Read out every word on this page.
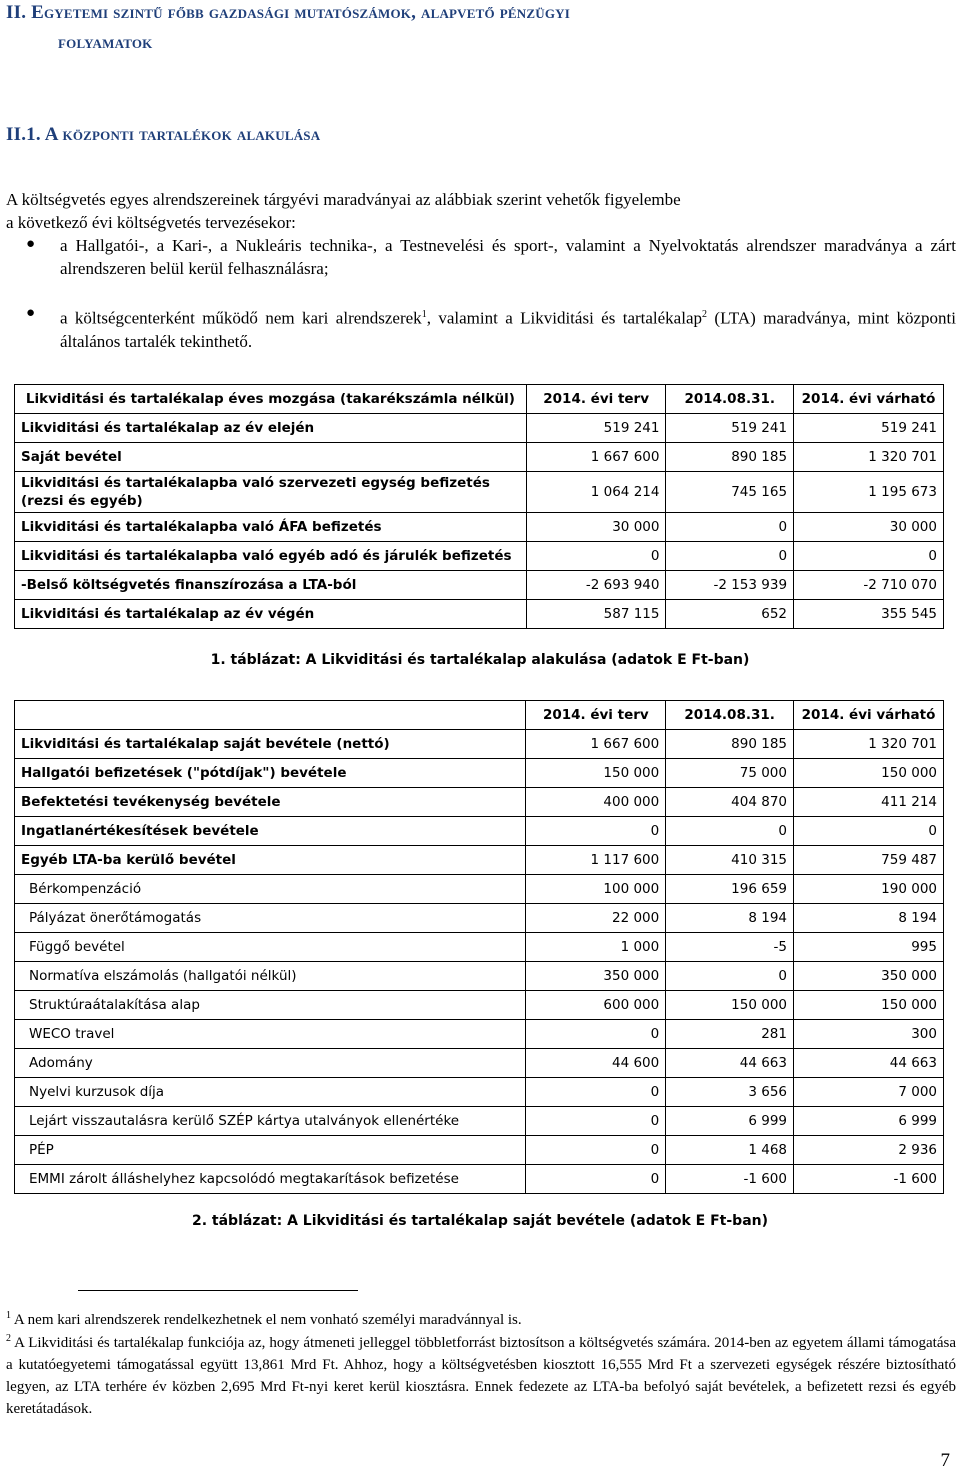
II. Egyetemi szintű főbb gazdasági mutatószámok, alapvető pénzügyi
folyamatok
II.1. A központi tartalékok alakulása
A költségvetés egyes alrendszereinek tárgyévi maradványai az alábbiak szerint vehetők figyelembe
a következő évi költségvetés tervezésekor:
● a Hallgatói-, a Kari-, a Nukleáris technika-, a Testnevelési és sport-, valamint a Nyelvoktatás alrendszer maradványa a zárt alrendszeren belül kerül felhasználásra;
● a költségcenterként működő nem kari alrendszerek$^1$, valamint a Likviditási és tartalékalap$^2$ (LTA) maradványa, mint központi általános tartalék tekinthető.
Likviditási és tartalékalap éves mozgása (takarékszámla nélkül)	2014. évi terv	2014.08.31.	2014. évi várható
Likviditási és tartalékalap az év elején	519 241	519 241	519 241
Saját bevétel	1 667 600	890 185	1 320 701
Likviditási és tartalékalapba való szervezeti egység befizetés (rezsi és egyéb)	1 064 214	745 165	1 195 673
Likviditási és tartalékalapba való ÁFA befizetés	30 000	0	30 000
Likviditási és tartalékalapba való egyéb adó és járulék befizetés	0	0	0
-Belső költségvetés finanszírozása a LTA-ból	-2 693 940	-2 153 939	-2 710 070
Likviditási és tartalékalap az év végén	587 115	652	355 545
1. táblázat: A Likviditási és tartalékalap alakulása (adatok E Ft-ban)
	2014. évi terv	2014.08.31.	2014. évi várható
Likviditási és tartalékalap saját bevétele (nettó)	1 667 600	890 185	1 320 701
Hallgatói befizetések ("pótdíjak") bevétele	150 000	75 000	150 000
Befektetési tevékenység bevétele	400 000	404 870	411 214
Ingatlanértékesítések bevétele	0	0	0
Egyéb LTA-ba kerülő bevétel	1 117 600	410 315	759 487
Bérkompenzáció	100 000	196 659	190 000
Pályázat önerőtámogatás	22 000	8 194	8 194
Függő bevétel	1 000	-5	995
Normatíva elszámolás (hallgatói nélkül)	350 000	0	350 000
Struktúraátalakítása alap	600 000	150 000	150 000
WECO travel	0	281	300
Adomány	44 600	44 663	44 663
Nyelvi kurzusok díja	0	3 656	7 000
Lejárt visszautalásra kerülő SZÉP kártya utalványok ellenértéke	0	6 999	6 999
PÉP	0	1 468	2 936
EMMI zárolt álláshelyhez kapcsolódó megtakarítások befizetése	0	-1 600	-1 600
2. táblázat: A Likviditási és tartalékalap saját bevétele (adatok E Ft-ban)
$^1$ A nem kari alrendszerek rendelkezhetnek el nem vonható személyi maradvánnyal is.
$^2$ A Likviditási és tartalékalap funkciója az, hogy átmeneti jelleggel többletforrást biztosítson a költségvetés számára. 2014-ben az egyetem állami támogatása a kutatóegyetemi támogatással együtt 13,861 Mrd Ft. Ahhoz, hogy a költségvetésben kiosztott 16,555 Mrd Ft a szervezeti egységek részére biztosítható legyen, az LTA terhére év közben 2,695 Mrd Ft-nyi keret kerül kiosztásra. Ennek fedezete az LTA-ba befolyó saját bevételek, a befizetett rezsi és egyéb keretátadások.
7
